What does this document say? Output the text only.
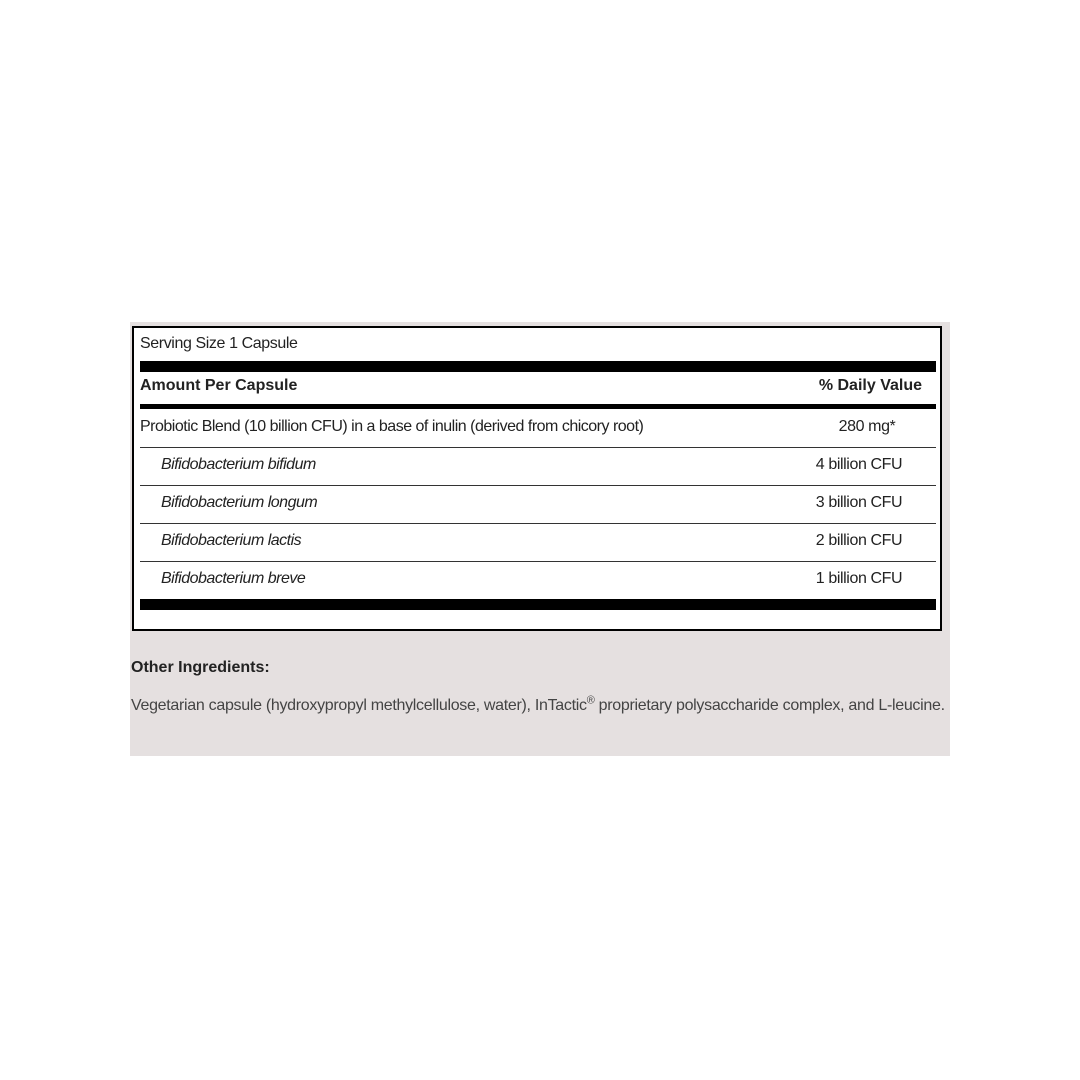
Serving Size 1 Capsule
Amount Per Capsule	% Daily Value
Probiotic Blend (10 billion CFU) in a base of inulin (derived from chicory root)	280 mg*
Bifidobacterium bifidum	4 billion CFU
Bifidobacterium longum	3 billion CFU
Bifidobacterium lactis	2 billion CFU
Bifidobacterium breve	1 billion CFU
Other Ingredients:
Vegetarian capsule (hydroxypropyl methylcellulose, water), InTactic® proprietary polysaccharide complex, and L-leucine.
